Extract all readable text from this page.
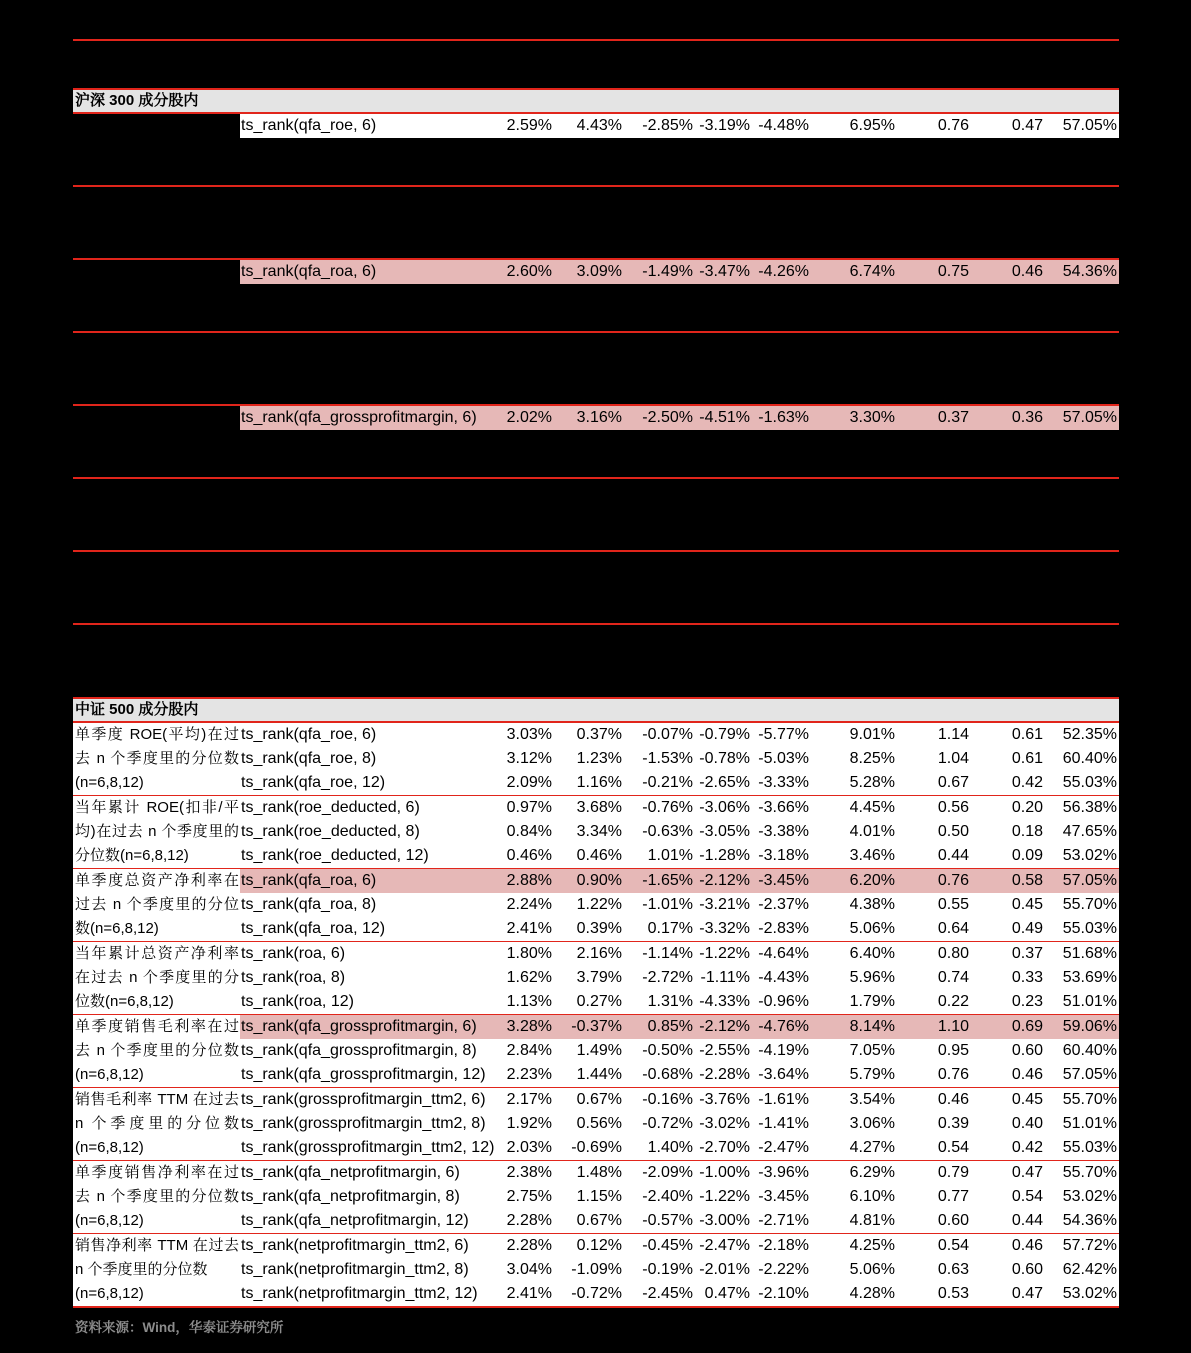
沪深 300 成分股内
ts_rank(qfa_roe, 6)	2.59%	4.43%	-2.85% -3.19% -4.48%	6.95%	0.76	0.47	57.05%
ts_rank(qfa_roa, 6)	2.60%	3.09%	-1.49% -3.47% -4.26%	6.74%	0.75	0.46	54.36%
ts_rank(qfa_grossprofitmargin, 6)	2.02%	3.16%	-2.50% -4.51% -1.63%	3.30%	0.37	0.36	57.05%
中证 500 成分股内
单季度 ROE(平均)在过
去 n 个季度里的分位数
(n=6,8,12)
ts_rank(qfa_roe, 6)	3.03%	0.37%	-0.07% -0.79% -5.77%	9.01%	1.14	0.61	52.35%
ts_rank(qfa_roe, 8)	3.12%	1.23%	-1.53% -0.78% -5.03%	8.25%	1.04	0.61	60.40%
ts_rank(qfa_roe, 12)	2.09%	1.16%	-0.21% -2.65% -3.33%	5.28%	0.67	0.42	55.03%
当年累计 ROE(扣非/平
均)在过去 n 个季度里的
分位数(n=6,8,12)
ts_rank(roe_deducted, 6)	0.97%	3.68%	-0.76% -3.06% -3.66%	4.45%	0.56	0.20	56.38%
ts_rank(roe_deducted, 8)	0.84%	3.34%	-0.63% -3.05% -3.38%	4.01%	0.50	0.18	47.65%
ts_rank(roe_deducted, 12)	0.46%	0.46%	1.01% -1.28% -3.18%	3.46%	0.44	0.09	53.02%
单季度总资产净利率在
过去 n 个季度里的分位
数(n=6,8,12)
ts_rank(qfa_roa, 6)	2.88%	0.90%	-1.65% -2.12% -3.45%	6.20%	0.76	0.58	57.05%
ts_rank(qfa_roa, 8)	2.24%	1.22%	-1.01% -3.21% -2.37%	4.38%	0.55	0.45	55.70%
ts_rank(qfa_roa, 12)	2.41%	0.39%	0.17% -3.32% -2.83%	5.06%	0.64	0.49	55.03%
当年累计总资产净利率
在过去 n 个季度里的分
位数(n=6,8,12)
ts_rank(roa, 6)	1.80%	2.16%	-1.14% -1.22% -4.64%	6.40%	0.80	0.37	51.68%
ts_rank(roa, 8)	1.62%	3.79%	-2.72% -1.11% -4.43%	5.96%	0.74	0.33	53.69%
ts_rank(roa, 12)	1.13%	0.27%	1.31% -4.33% -0.96%	1.79%	0.22	0.23	51.01%
单季度销售毛利率在过
去 n 个季度里的分位数
(n=6,8,12)
ts_rank(qfa_grossprofitmargin, 6)	3.28%	-0.37%	0.85% -2.12% -4.76%	8.14%	1.10	0.69	59.06%
ts_rank(qfa_grossprofitmargin, 8)	2.84%	1.49%	-0.50% -2.55% -4.19%	7.05%	0.95	0.60	60.40%
ts_rank(qfa_grossprofitmargin, 12)	2.23%	1.44%	-0.68% -2.28% -3.64%	5.79%	0.76	0.46	57.05%
销售毛利率 TTM 在过去
n 个季度里的分位数
(n=6,8,12)
ts_rank(grossprofitmargin_ttm2, 6)	2.17%	0.67%	-0.16% -3.76% -1.61%	3.54%	0.46	0.45	55.70%
ts_rank(grossprofitmargin_ttm2, 8)	1.92%	0.56%	-0.72% -3.02% -1.41%	3.06%	0.39	0.40	51.01%
ts_rank(grossprofitmargin_ttm2, 12) 2.03%	-0.69%	1.40% -2.70% -2.47%	4.27%	0.54	0.42	55.03%
单季度销售净利率在过
去 n 个季度里的分位数
(n=6,8,12)
ts_rank(qfa_netprofitmargin, 6)	2.38%	1.48%	-2.09% -1.00% -3.96%	6.29%	0.79	0.47	55.70%
ts_rank(qfa_netprofitmargin, 8)	2.75%	1.15%	-2.40% -1.22% -3.45%	6.10%	0.77	0.54	53.02%
ts_rank(qfa_netprofitmargin, 12)	2.28%	0.67%	-0.57% -3.00% -2.71%	4.81%	0.60	0.44	54.36%
销售净利率 TTM 在过去
n 个季度里的分位数
(n=6,8,12)
ts_rank(netprofitmargin_ttm2, 6)	2.28%	0.12%	-0.45% -2.47% -2.18%	4.25%	0.54	0.46	57.72%
ts_rank(netprofitmargin_ttm2, 8)	3.04%	-1.09%	-0.19% -2.01% -2.22%	5.06%	0.63	0.60	62.42%
ts_rank(netprofitmargin_ttm2, 12)	2.41%	-0.72%	-2.45% 0.47% -2.10%	4.28%	0.53	0.47	53.02%
资料来源：Wind，华泰证券研究所
